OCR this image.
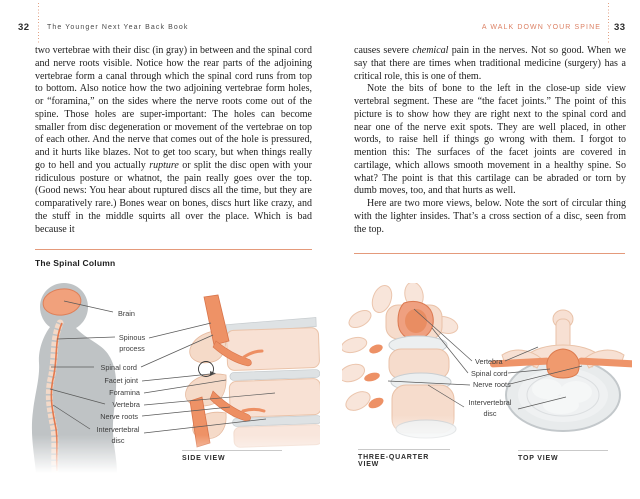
32 The Younger Next Year Back Book	A WALK DOWN YOUR SPINE 33

two vertebrae with their disc (in gray) in between and the spinal cord and nerve roots visible. Notice how the rear parts of the adjoining vertebrae form a canal through which the spinal cord runs from top to bottom. Also notice how the two adjoining vertebrae form holes, or “foramina,” on the sides where the nerve roots come out of the spine. Those holes are super-important: The holes can become smaller from disc degeneration or movement of the vertebrae on top of each other. And the nerve that comes out of the hole is pressured, and it hurts like blazes. Not to get too scary, but when things really go to hell and you actually rupture or split the disc open with your ridiculous posture or whatnot, the pain really goes over the top. (Good news: You hear about ruptured discs all the time, but they are comparatively rare.) Bones wear on bones, discs hurt like crazy, and the stuff in the middle squirts all over the place. Which is bad because it

causes severe chemical pain in the nerves. Not so good. When we say that there are times when traditional medicine (surgery) has a critical role, this is one of them.

Note the bits of bone to the left in the close-up side view vertebral segment. These are “the facet joints.” The point of this picture is to show how they are right next to the spinal cord and near one of the nerve exit spots. They are well placed, in other words, to raise hell if things go wrong with them. I forgot to mention this: The surfaces of the facet joints are covered in cartilage, which allows smooth movement in a healthy spine. So what? The point is that this cartilage can be abraded or torn by dumb moves, too, and that hurts as well.

Here are two more views, below. Note the sort of circular thing with the lighter insides. That’s a cross section of a disc, seen from the top.

The Spinal Column
Brain
Spinous
process
Spinal cord
Facet joint
Foramina
Vertebra
Nerve roots
Intervertebral
disc
SIDE VIEW
Vertebra
Spinal cord
Nerve roots
Intervertebral
disc
THREE-QUARTER VIEW
TOP VIEW
